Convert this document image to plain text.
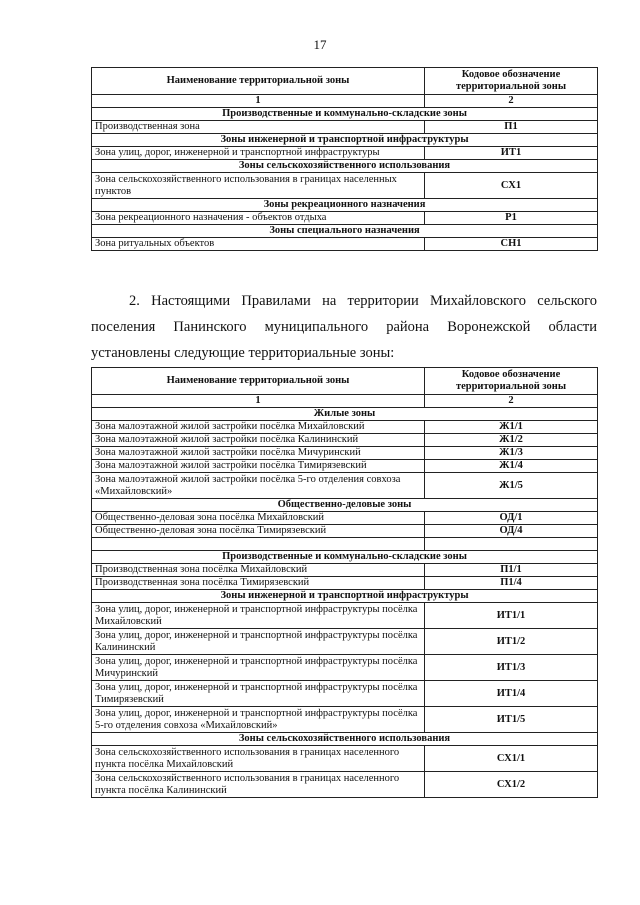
17
Наименование территориальной зоны	Кодовое обозначение территориальной зоны
1	2
Производственные и коммунально-складские зоны	
Производственная зона	П1
Зоны инженерной и транспортной инфраструктуры	
Зона улиц, дорог, инженерной и транспортной инфраструктуры	ИТ1
Зоны сельскохозяйственного использования	
Зона сельскохозяйственного использования в границах населенных пунктов	СХ1
Зоны рекреационного назначения	
Зона рекреационного назначения - объектов отдыха	Р1
Зоны специального назначения	
Зона ритуальных объектов	СН1
2. Настоящими Правилами на территории Михайловского сельского поселения Панинского муниципального района Воронежской области установлены следующие территориальные зоны:
Наименование территориальной зоны	Кодовое обозначение территориальной зоны
1	2
Жилые зоны	
Зона малоэтажной жилой застройки посёлка Михайловский	Ж1/1
Зона малоэтажной жилой застройки посёлка Калининский	Ж1/2
Зона малоэтажной жилой застройки посёлка Мичуринский	Ж1/3
Зона малоэтажной жилой застройки посёлка Тимирязевский	Ж1/4
Зона малоэтажной жилой застройки посёлка 5-го отделения совхоза «Михайловский»	Ж1/5
Общественно-деловые зоны	
Общественно-деловая зона посёлка Михайловский	ОД/1
Общественно-деловая зона посёлка Тимирязевский	ОД/4

Производственные и коммунально-складские зоны	
Производственная зона посёлка Михайловский	П1/1
Производственная зона посёлка Тимирязевский	П1/4
Зоны инженерной и транспортной инфраструктуры	
Зона улиц, дорог, инженерной и транспортной инфраструктуры посёлка Михайловский	ИТ1/1
Зона улиц, дорог, инженерной и транспортной инфраструктуры посёлка Калининский	ИТ1/2
Зона улиц, дорог, инженерной и транспортной инфраструктуры посёлка Мичуринский	ИТ1/3
Зона улиц, дорог, инженерной и транспортной инфраструктуры посёлка Тимирязевский	ИТ1/4
Зона улиц, дорог, инженерной и транспортной инфраструктуры посёлка 5-го отделения совхоза «Михайловский»	ИТ1/5
Зоны сельскохозяйственного использования	
Зона сельскохозяйственного использования в границах населенного пункта посёлка Михайловский	СХ1/1
Зона сельскохозяйственного использования в границах населенного пункта посёлка Калининский	СХ1/2
